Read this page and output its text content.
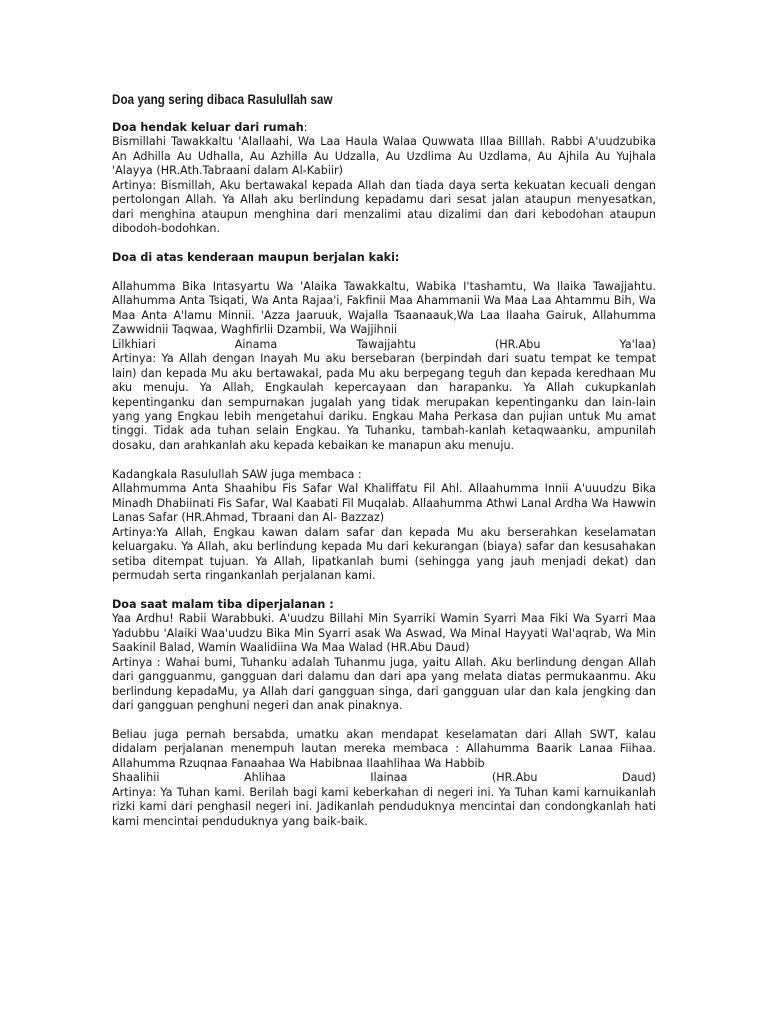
Doa yang sering dibaca Rasulullah saw
Doa hendak keluar dari rumah:
Bismillahi Tawakkaltu 'Alallaahi, Wa Laa Haula Walaa Quwwata Illaa Billlah. Rabbi A'uudzubika An Adhilla Au Udhalla, Au Azhilla Au Udzalla, Au Uzdlima Au Uzdlama, Au Ajhila Au Yujhala 'Alayya (HR.Ath.Tabraani dalam Al-Kabiir)
Artinya: Bismillah, Aku bertawakal kepada Allah dan tiada daya serta kekuatan kecuali dengan pertolongan Allah. Ya Allah aku berlindung kepadamu dari sesat jalan ataupun menyesatkan, dari menghina ataupun menghina dari menzalimi atau dizalimi dan dari kebodohan ataupun dibodoh-bodohkan.
Doa di atas kenderaan maupun berjalan kaki:
Allahumma Bika Intasyartu Wa 'Alaika Tawakkaltu, Wabika I'tashamtu, Wa Ilaika Tawajjahtu. Allahumma Anta Tsiqati, Wa Anta Rajaa'i, Fakfinii Maa Ahammanii Wa Maa Laa Ahtammu Bih, Wa Maa Anta A'lamu Minnii. 'Azza Jaaruuk, Wajalla Tsaanaauk,Wa Laa Ilaaha Gairuk, Allahumma Zawwidnii Taqwaa, Waghfirlii Dzambii, Wa Wajjihnii
Lilkhiari	Ainama	Tawajjahtu	(HR.Abu	Ya'laa)
Artinya: Ya Allah dengan Inayah Mu aku bersebaran (berpindah dari suatu tempat ke tempat lain) dan kepada Mu aku bertawakal, pada Mu aku berpegang teguh dan kepada keredhaan Mu aku menuju. Ya Allah, Engkaulah kepercayaan dan harapanku. Ya Allah cukupkanlah kepentinganku dan sempurnakan jugalah yang tidak merupakan kepentinganku dan lain-lain yang yang Engkau lebih mengetahui dariku. Engkau Maha Perkasa dan pujian untuk Mu amat tinggi. Tidak ada tuhan selain Engkau. Ya Tuhanku, tambah-kanlah ketaqwaanku, ampunilah dosaku, dan arahkanlah aku kepada kebaikan ke manapun aku menuju.
Kadangkala Rasulullah SAW juga membaca :
Allahmumma Anta Shaahibu Fis Safar Wal Khaliffatu Fil Ahl. Allaahumma Innii A'uuudzu Bika Minadh Dhabiinati Fis Safar, Wal Kaabati Fil Muqalab. Allaahumma Athwi Lanal Ardha Wa Hawwin Lanas Safar (HR.Ahmad, Tbraani dan Al- Bazzaz)
Artinya:Ya Allah, Engkau kawan dalam safar dan kepada Mu aku berserahkan keselamatan keluargaku. Ya Allah, aku berlindung kepada Mu dari kekurangan (biaya) safar dan kesusahakan setiba ditempat tujuan. Ya Allah, lipatkanlah bumi (sehingga yang jauh menjadi dekat) dan permudah serta ringankanlah perjalanan kami.
Doa saat malam tiba diperjalanan :
Yaa Ardhu! Rabii Warabbuki. A'uudzu Billahi Min Syarriki Wamin Syarri Maa Fiki Wa Syarri Maa Yadubbu 'Alaiki Waa'uudzu Bika Min Syarri asak Wa Aswad, Wa Minal Hayyati Wal'aqrab, Wa Min Saakinil Balad, Wamin Waalidiina Wa Maa Walad (HR.Abu Daud)
Artinya : Wahai bumi, Tuhanku adalah Tuhanmu juga, yaitu Allah. Aku berlindung dengan Allah dari gangguanmu, gangguan dari dalamu dan dari apa yang melata diatas permukaanmu. Aku berlindung kepadaMu, ya Allah dari gangguan singa, dari gangguan ular dan kala jengking dan dari gangguan penghuni negeri dan anak pinaknya.
Beliau juga pernah bersabda, umatku akan mendapat keselamatan dari Allah SWT, kalau didalam perjalanan menempuh lautan mereka membaca : Allahumma Baarik Lanaa Fiihaa. Allahumma Rzuqnaa Fanaahaa Wa Habibnaa Ilaahlihaa Wa Habbib
Shaalihii	Ahlihaa	Ilainaa	(HR.Abu	Daud)
Artinya: Ya Tuhan kami. Berilah bagi kami keberkahan di negeri ini. Ya Tuhan kami karnuikanlah rizki kami dari penghasil negeri ini. Jadikanlah penduduknya mencintai dan condongkanlah hati kami mencintai penduduknya yang baik-baik.
